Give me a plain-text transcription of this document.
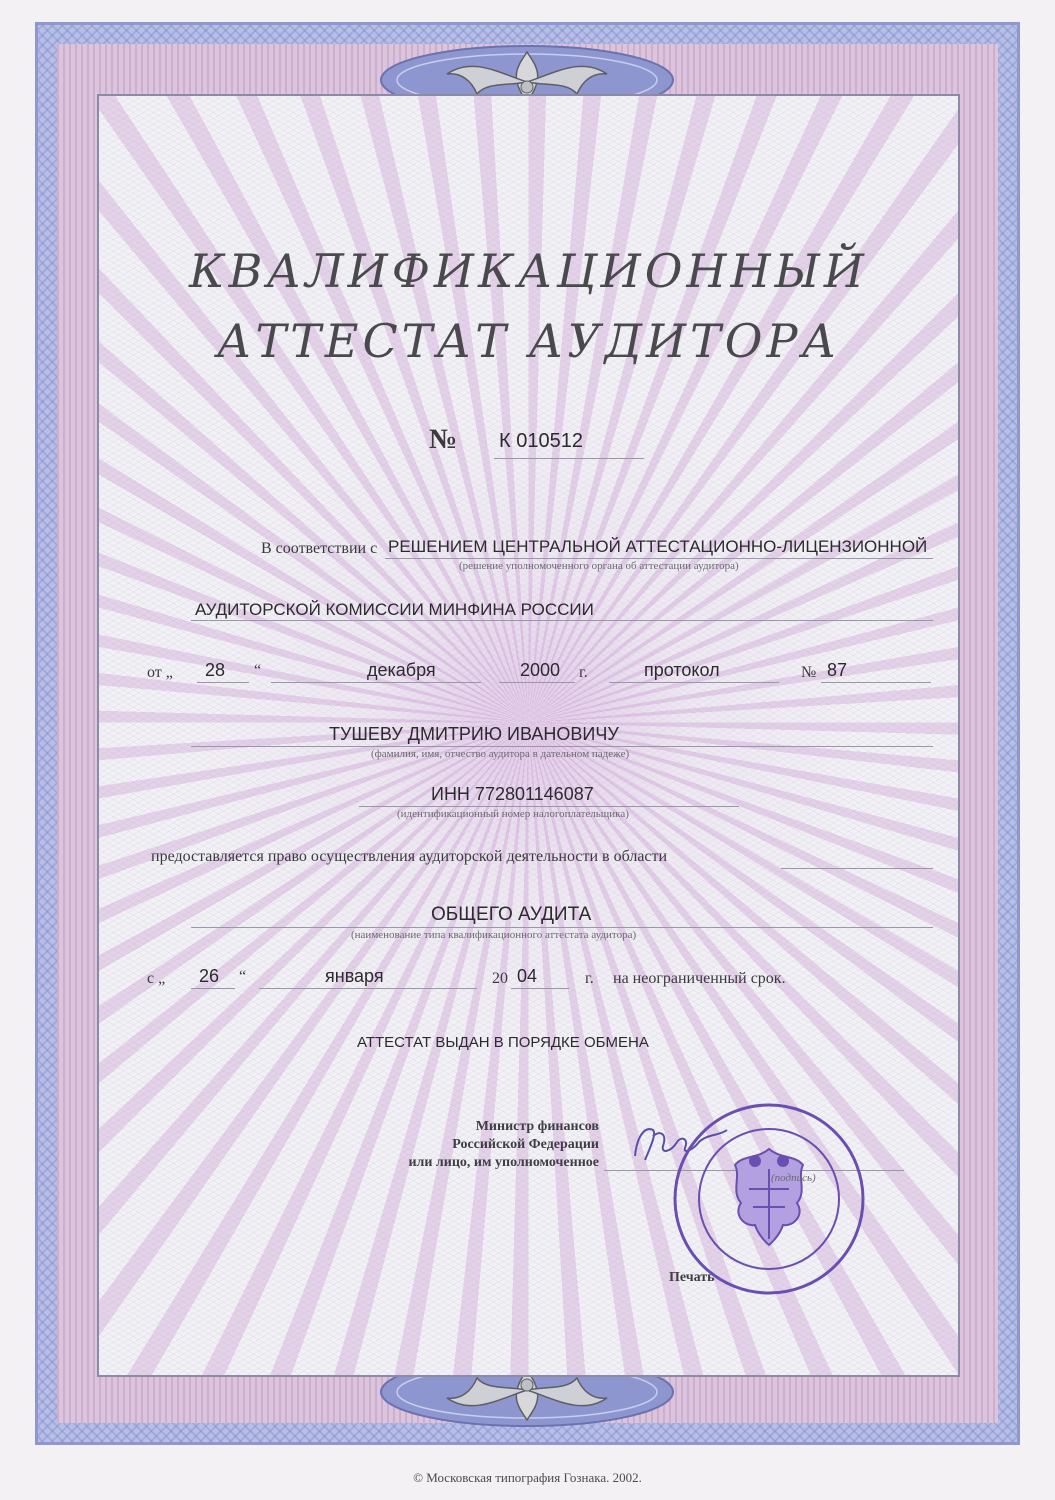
КВАЛИФИКАЦИОННЫЙ
АТТЕСТАТ АУДИТОРА
№ К 010512
В соответствии с РЕШЕНИЕМ ЦЕНТРАЛЬНОЙ АТТЕСТАЦИОННО-ЛИЦЕНЗИОННОЙ
(решение уполномоченного органа об аттестации аудитора)
АУДИТОРСКОЙ КОМИССИИ МИНФИНА РОССИИ
от „ 28 “	декабря	2000 г.	протокол	№ 87
ТУШЕВУ ДМИТРИЮ ИВАНОВИЧУ
(фамилия, имя, отчество аудитора в дательном падеже)
ИНН 772801146087
(идентификационный номер налогоплательщика)
предоставляется право осуществления аудиторской деятельности в области
ОБЩЕГО АУДИТА
(наименование типа квалификационного аттестата аудитора)
с „ 26 “	января	20 04	г. на неограниченный срок.
АТТЕСТАТ ВЫДАН В ПОРЯДКЕ ОБМЕНА
Министр финансов
Российской Федерации
или лицо, им уполномоченное
(подпись)
Печать
© Московская типография Гознака. 2002.
